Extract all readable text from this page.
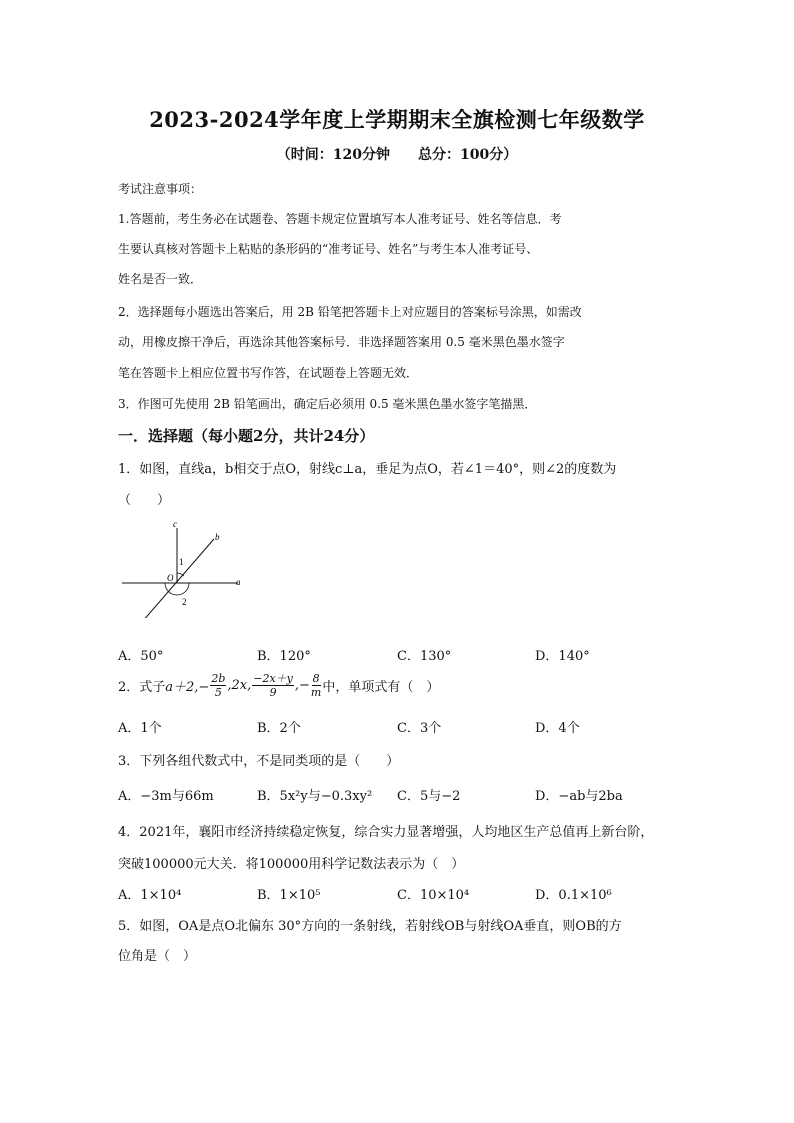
2023-2024学年度上学期期末全旗检测七年级数学
（时间：120分钟 总分：100分）
考试注意事项：
1.答题前，考生务必在试题卷、答题卡规定位置填写本人准考证号、姓名等信息．考
生要认真核对答题卡上粘贴的条形码的“准考证号、姓名”与考生本人准考证号、
姓名是否一致．
2．选择题每小题选出答案后，用 2B 铅笔把答题卡上对应题目的答案标号涂黑，如需改
动，用橡皮擦干净后，再选涂其他答案标号．非选择题答案用 0.5 毫米黑色墨水签字
笔在答题卡上相应位置书写作答，在试题卷上答题无效．
3．作图可先使用 2B 铅笔画出，确定后必须用 0.5 毫米黑色墨水签字笔描黑．
一．选择题（每小题2分，共计24分）
1．如图，直线a，b相交于点O，射线c⊥a，垂足为点O，若∠1＝40°，则∠2的度数为
（　　）
c
b
1
O	a
2
A．50°	B．120°	C．130°	D．140°
2．式子 $a+2,- \frac{2b}{5} ,2x$, $\frac{-2x+y}{9}$ ,− $\frac{8}{m}$ 中，单项式有（　）
A．1个	B．2个	C．3个	D．4个
3．下列各组代数式中，不是同类项的是（　　）
A．−3m与66m	B．5x²y与−0.3xy² C．5与−2	D．−ab与2ba
4．2021年，襄阳市经济持续稳定恢复，综合实力显著增强，人均地区生产总值再上新台阶，
突破100000元大关．将100000用科学记数法表示为（　）
A．1×10⁴	B．1×10⁵	C．10×10⁴	D．0.1×10⁶
5．如图，OA是点O北偏东 30°方向的一条射线，若射线OB与射线OA垂直，则OB的方
位角是（　）
